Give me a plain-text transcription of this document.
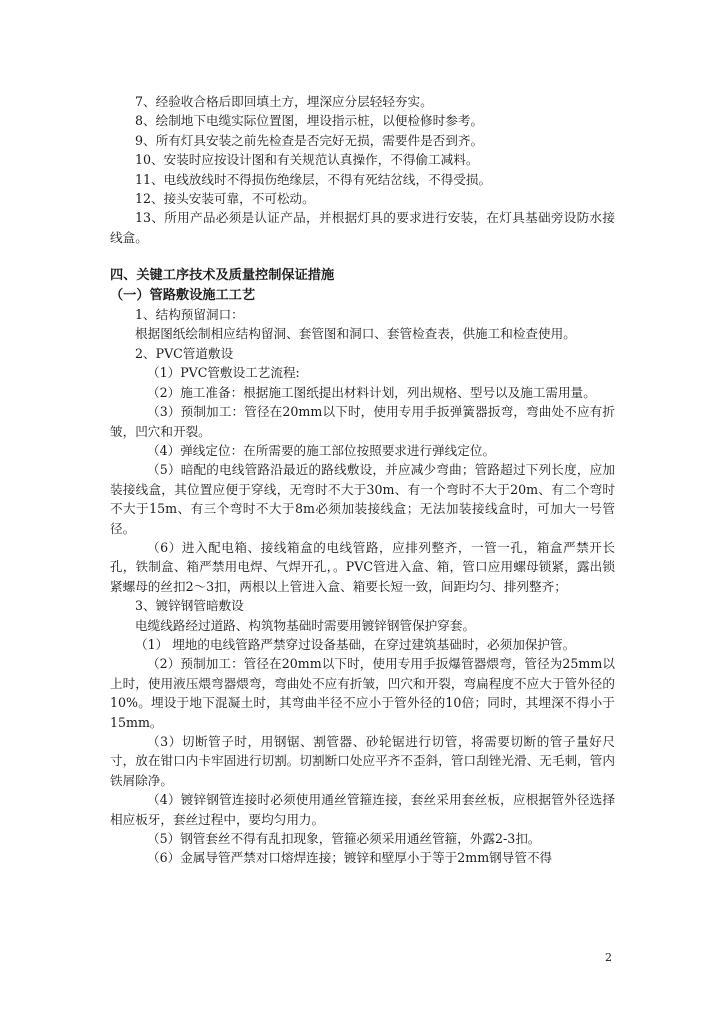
7、经验收合格后即回填土方，埋深应分层轻轻夯实。

8、绘制地下电缆实际位置图，埋设指示桩，以便检修时参考。

9、所有灯具安装之前先检查是否完好无损，需要件是否到齐。

10、安装时应按设计图和有关规范认真操作，不得偷工减料。

11、电线放线时不得损伤绝缘层，不得有死结岔线，不得受损。

12、接头安装可靠，不可松动。

13、所用产品必须是认证产品，并根据灯具的要求进行安装，在灯具基础旁设防水接线盒。

四、关键工序技术及质量控制保证措施

（一）管路敷设施工工艺

1、结构预留洞口：

根据图纸绘制相应结构留洞、套管图和洞口、套管检查表，供施工和检查使用。

2、PVC管道敷设

（1）PVC管敷设工艺流程:

（2）施工准备：根据施工图纸提出材料计划，列出规格、型号以及施工需用量。

（3）预制加工：管径在20mm以下时，使用专用手扳弹簧器扳弯，弯曲处不应有折皱，凹穴和开裂。

（4）弹线定位：在所需要的施工部位按照要求进行弹线定位。

（5）暗配的电线管路沿最近的路线敷设，并应减少弯曲；管路超过下列长度，应加装接线盒，其位置应便于穿线，无弯时不大于30m、有一个弯时不大于20m、有二个弯时不大于15m、有三个弯时不大于8m必须加装接线盒；无法加装接线盒时，可加大一号管径。

（6）进入配电箱、接线箱盒的电线管路，应排列整齐，一管一孔，箱盒严禁开长孔，铁制盒、箱严禁用电焊、气焊开孔，。PVC管进入盒、箱，管口应用螺母锁紧，露出锁紧螺母的丝扣2～3扣，两根以上管进入盒、箱要长短一致，间距均匀、排列整齐；

3、镀锌钢管暗敷设

电缆线路经过道路、构筑物基础时需要用镀锌钢管保护穿套。

（1） 埋地的电线管路严禁穿过设备基础，在穿过建筑基础时，必须加保护管。

（2）预制加工：管径在20mm以下时，使用专用手扳爆管器煨弯，管径为25mm以上时，使用液压煨弯器煨弯，弯曲处不应有折皱，凹穴和开裂，弯扁程度不应大于管外径的10%。埋设于地下混凝土时，其弯曲半径不应小于管外径的10倍；同时，其埋深不得小于15mm。

（3）切断管子时，用钢锯、割管器、砂轮锯进行切管，将需要切断的管子量好尺寸，放在钳口内卡牢固进行切割。切割断口处应平齐不歪斜，管口刮锉光滑、无毛刺，管内铁屑除净。

（4）镀锌钢管连接时必须使用通丝管箍连接，套丝采用套丝板，应根据管外径选择相应板牙，套丝过程中，要均匀用力。

（5）钢管套丝不得有乱扣现象，管箍必须采用通丝管箍，外露2-3扣。

（6）金属导管严禁对口熔焊连接；镀锌和壁厚小于等于2mm钢导管不得

2
